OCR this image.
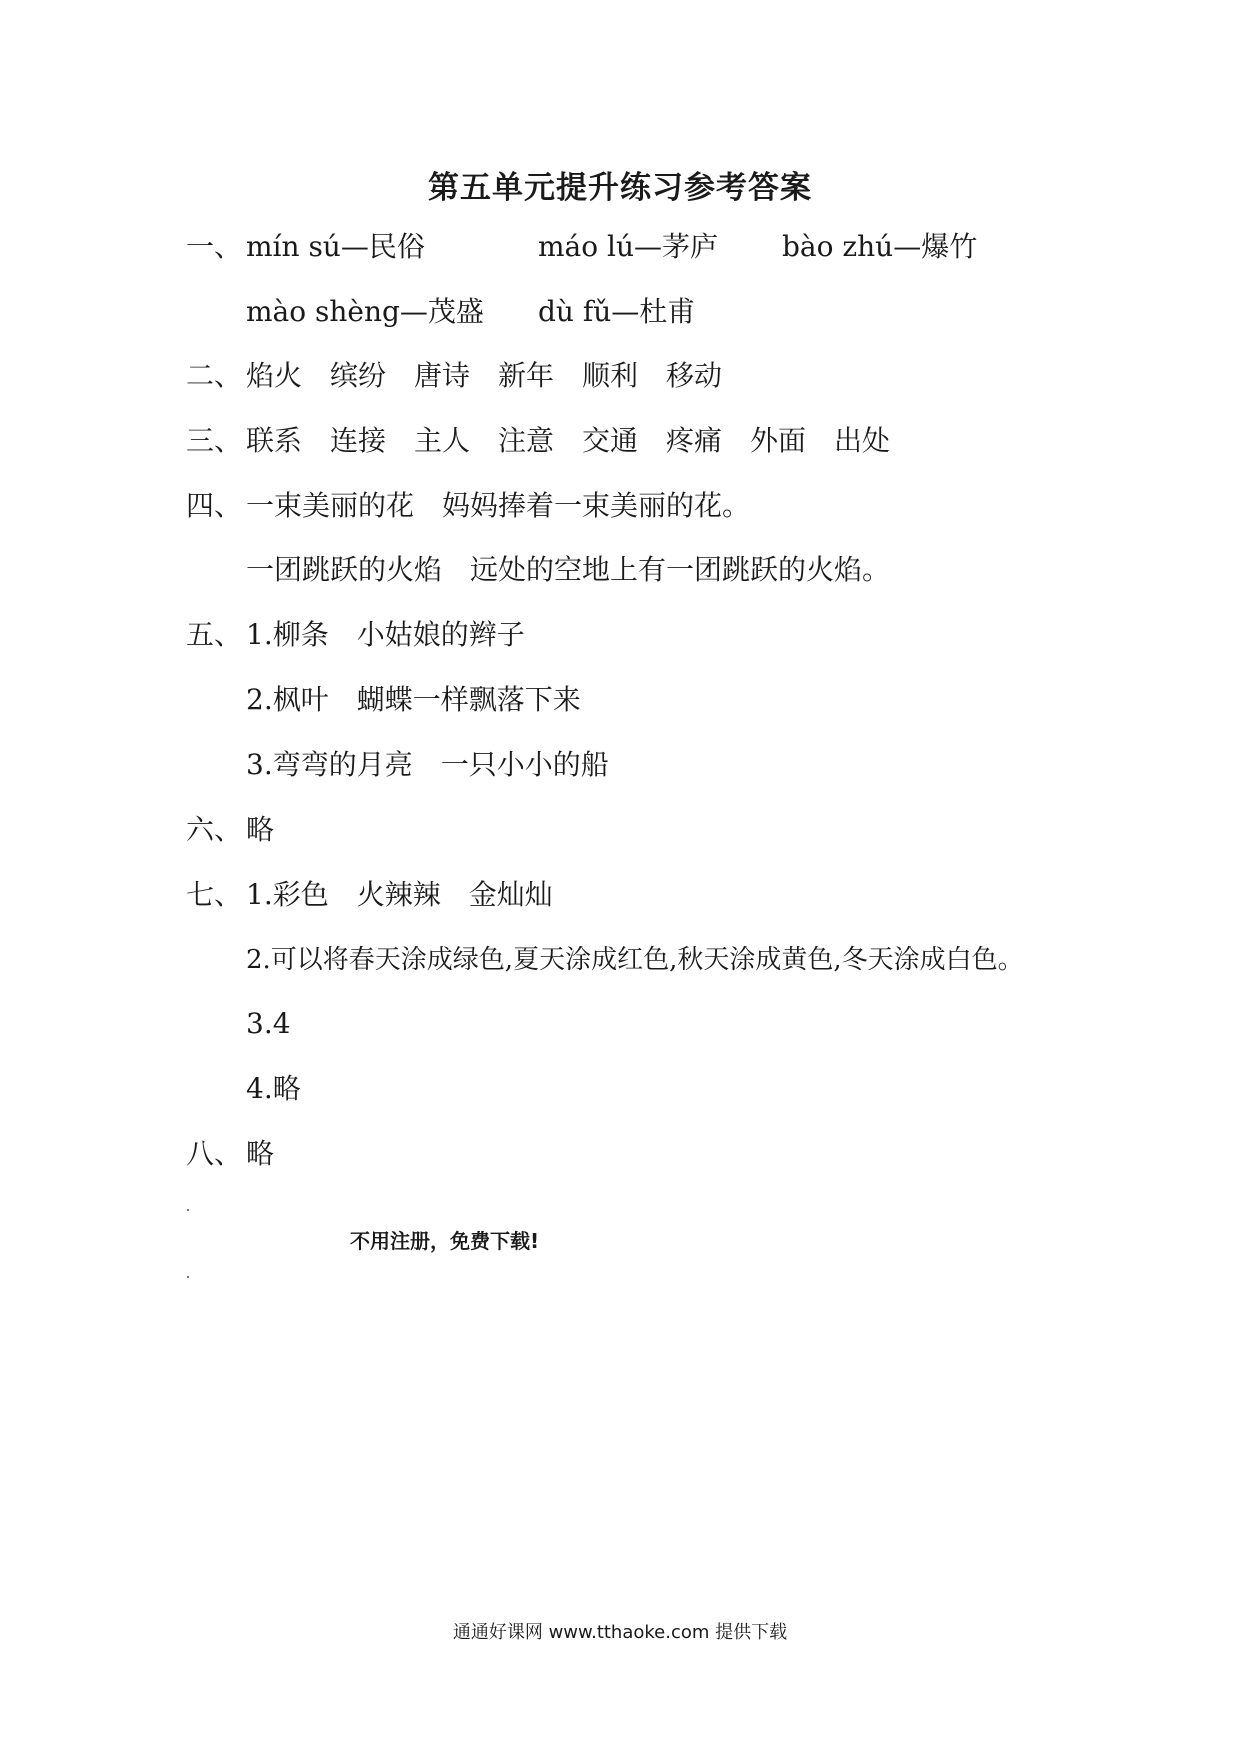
第五单元提升练习参考答案
一、 mín sú—民俗	máo lú—茅庐 bào zhú—爆竹
mào shèng—茂盛 dù fǔ—杜甫
二、 焰火　缤纷　唐诗　新年　顺利　移动
三、 联系　连接　主人　注意　交通　疼痛　外面　出处
四、 一束美丽的花　妈妈捧着一束美丽的花。
一团跳跃的火焰　远处的空地上有一团跳跃的火焰。
五、 1.柳条　小姑娘的辫子
2.枫叶　蝴蝶一样飘落下来
3.弯弯的月亮　一只小小的船
六、 略
七、 1.彩色　火辣辣　金灿灿
2.可以将春天涂成绿色,夏天涂成红色,秋天涂成黄色,冬天涂成白色。
3.4
4.略
八、 略
不用注册，免费下载!
通通好课网 www.tthaoke.com 提供下载
